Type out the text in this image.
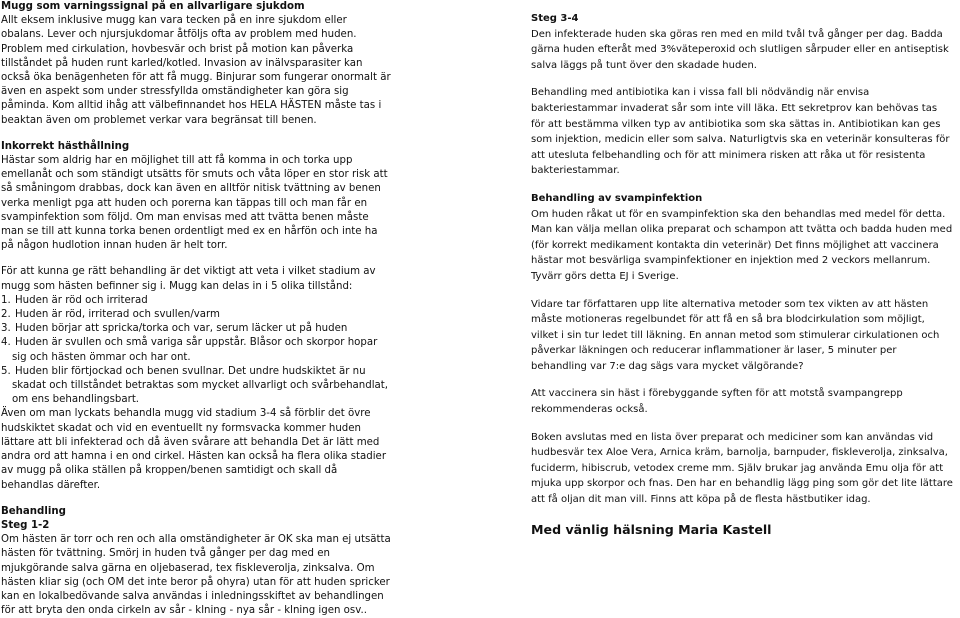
Mugg som varningssignal på en allvarligare sjukdom
Allt eksem inklusive mugg kan vara tecken på en inre sjukdom eller obalans. Lever och njursjukdomar åtföljs ofta av problem med huden. Problem med cirkulation, hovbesvär och brist på motion kan påverka tillståndet på huden runt karled/kotled. Invasion av inälvsparasiter kan också öka benägenheten för att få mugg. Binjurar som fungerar onormalt är även en aspekt som under stressfyllda omständigheter kan göra sig påminda. Kom alltid ihåg att välbefinnandet hos HELA HÄSTEN måste tas i beaktan även om problemet verkar vara begränsat till benen.
Inkorrekt hästhållning
Hästar som aldrig har en möjlighet till att få komma in och torka upp emellanåt och som ständigt utsätts för smuts och våta löper en stor risk att så småningom drabbas, dock kan även en alltför nitisk tvättning av benen verka menligt pga att huden och porerna kan täppas till och man får en svampinfektion som följd. Om man envisas med att tvätta benen måste man se till att kunna torka benen ordentligt med ex en hårfön och inte ha på någon hudlotion innan huden är helt torr.
För att kunna ge rätt behandling är det viktigt att veta i vilket stadium av mugg som hästen befinner sig i. Mugg kan delas in i 5 olika tillstånd:
1. Huden är röd och irriterad
2. Huden är röd, irriterad och svullen/varm
3. Huden börjar att spricka/torka och var, serum läcker ut på huden
4. Huden är svullen och små variga sår uppstår. Blåsor och skorpor hopar sig och hästen ömmar och har ont.
5. Huden blir förtjockad och benen svullnar. Det undre hudskiktet är nu skadat och tillståndet betraktas som mycket allvarligt och svårbehandlat, om ens behandlingsbart.
Även om man lyckats behandla mugg vid stadium 3-4 så förblir det övre hudskiktet skadat och vid en eventuellt ny formsvacka kommer huden lättare att bli infekterad och då även svårare att behandla Det är lätt med andra ord att hamna i en ond cirkel. Hästen kan också ha flera olika stadier av mugg på olika ställen på kroppen/benen samtidigt och skall då behandlas därefter.
Behandling
Steg 1-2
Om hästen är torr och ren och alla omständigheter är OK ska man ej utsätta hästen för tvättning. Smörj in huden två gånger per dag med en mjukgörande salva gärna en oljebaserad, tex fiskleverolja, zinksalva. Om hästen kliar sig (och OM det inte beror på ohyra) utan för att huden spricker kan en lokalbedövande salva användas i inledningsskiftet av behandlingen för att bryta den onda cirkeln av sår - klning - nya sår - klning igen osv..
Steg 3-4
Den infekterade huden ska göras ren med en mild tvål två gånger per dag. Badda gärna huden efteråt med 3%väteperoxid och slutligen sårpuder eller en antiseptisk salva läggs på tunt över den skadade huden.
Behandling med antibiotika kan i vissa fall bli nödvändig när envisa bakteriestammar invaderat sår som inte vill läka. Ett sekretprov kan behövas tas för att bestämma vilken typ av antibiotika som ska sättas in. Antibiotikan kan ges som injektion, medicin eller som salva. Naturligtvis ska en veterinär konsulteras för att utesluta felbehandling och för att minimera risken att råka ut för resistenta bakteriestammar.
Behandling av svampinfektion
Om huden råkat ut för en svampinfektion ska den behandlas med medel för detta. Man kan välja mellan olika preparat och schampon att tvätta och badda huden med (för korrekt medikament kontakta din veterinär) Det finns möjlighet att vaccinera hästar mot besvärliga svampinfektioner en injektion med 2 veckors mellanrum. Tyvärr görs detta EJ i Sverige.
Vidare tar författaren upp lite alternativa metoder som tex vikten av att hästen måste motioneras regelbundet för att få en så bra blodcirkulation som möjligt, vilket i sin tur ledet till läkning. En annan metod som stimulerar cirkulationen och påverkar läkningen och reducerar inflammationer är laser, 5 minuter per behandling var 7:e dag sägs vara mycket välgörande?
Att vaccinera sin häst i förebyggande syften för att motstå svampangrepp rekommenderas också.
Boken avslutas med en lista över preparat och mediciner som kan användas vid hudbesvär tex Aloe Vera, Arnica kräm, barnolja, barnpuder, fiskleverolja, zinksalva, fuciderm, hibiscrub, vetodex creme mm. Själv brukar jag använda Emu olja för att mjuka upp skorpor och fnas. Den har en behandlig lägg ping som gör det lite lättare att få oljan dit man vill. Finns att köpa på de flesta hästbutiker idag.
Med vänlig hälsning Maria Kastell
